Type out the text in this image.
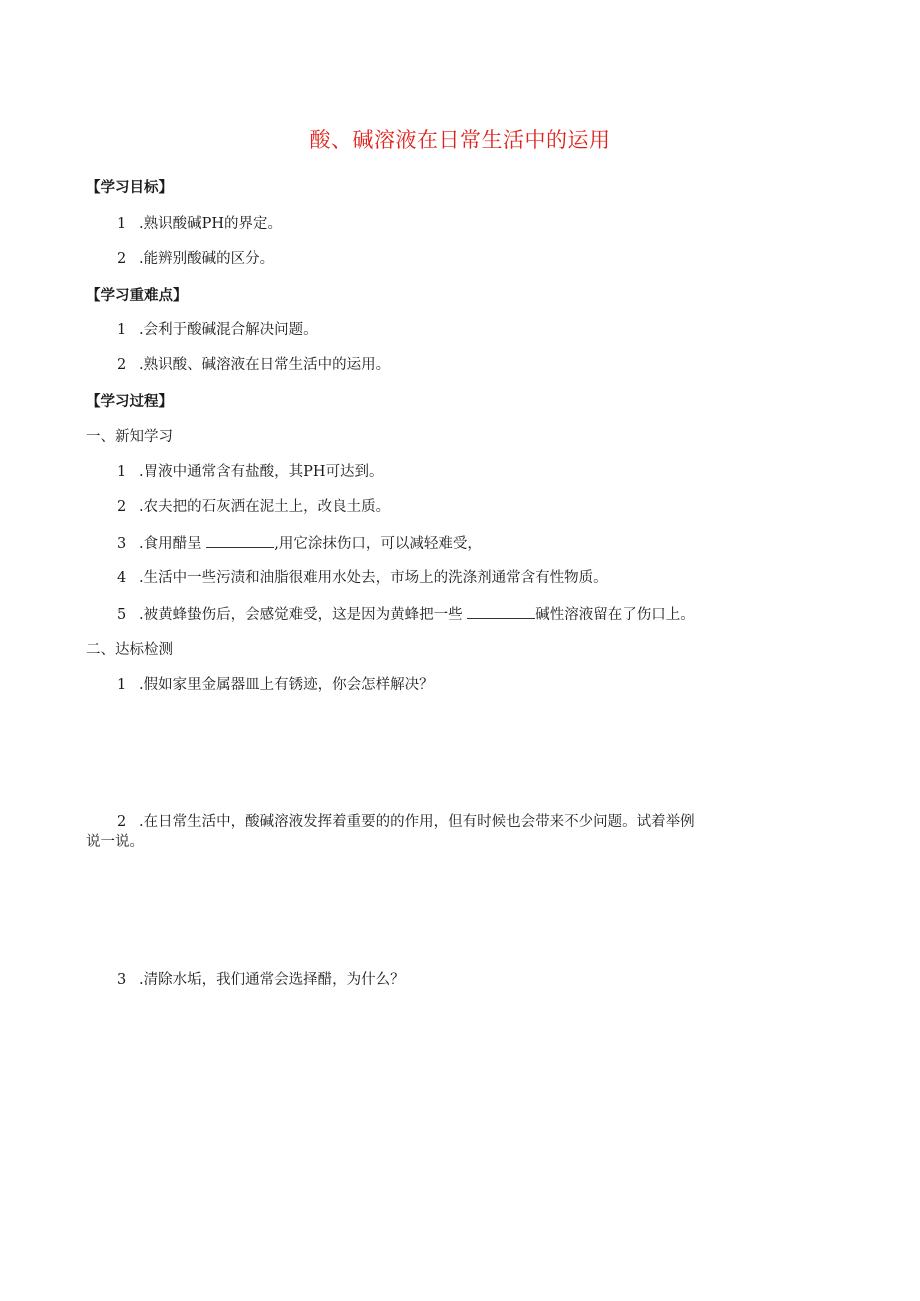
酸、碱溶液在日常生活中的运用
【学习目标】
1 .熟识酸碱PH的界定。
2 .能辨别酸碱的区分。
【学习重难点】
1 .会利于酸碱混合解决问题。
2 .熟识酸、碱溶液在日常生活中的运用。
【学习过程】
一、新知学习
1 .胃液中通常含有盐酸，其PH可达到。
2 .农夫把的石灰洒在泥土上，改良土质。
3 .食用醋呈	,用它涂抹伤口，可以减轻难受，
4 .生活中一些污渍和油脂很难用水处去，市场上的洗涤剂通常含有性物质。
5 .被黄蜂蛰伤后，会感觉难受，这是因为黄蜂把一些	碱性溶液留在了伤口上。
二、达标检测
1 .假如家里金属器皿上有锈迹，你会怎样解决？
2 .在日常生活中，酸碱溶液发挥着重要的的作用，但有时候也会带来不少问题。试着举例
说一说。
3 .清除水垢，我们通常会选择醋，为什么？
